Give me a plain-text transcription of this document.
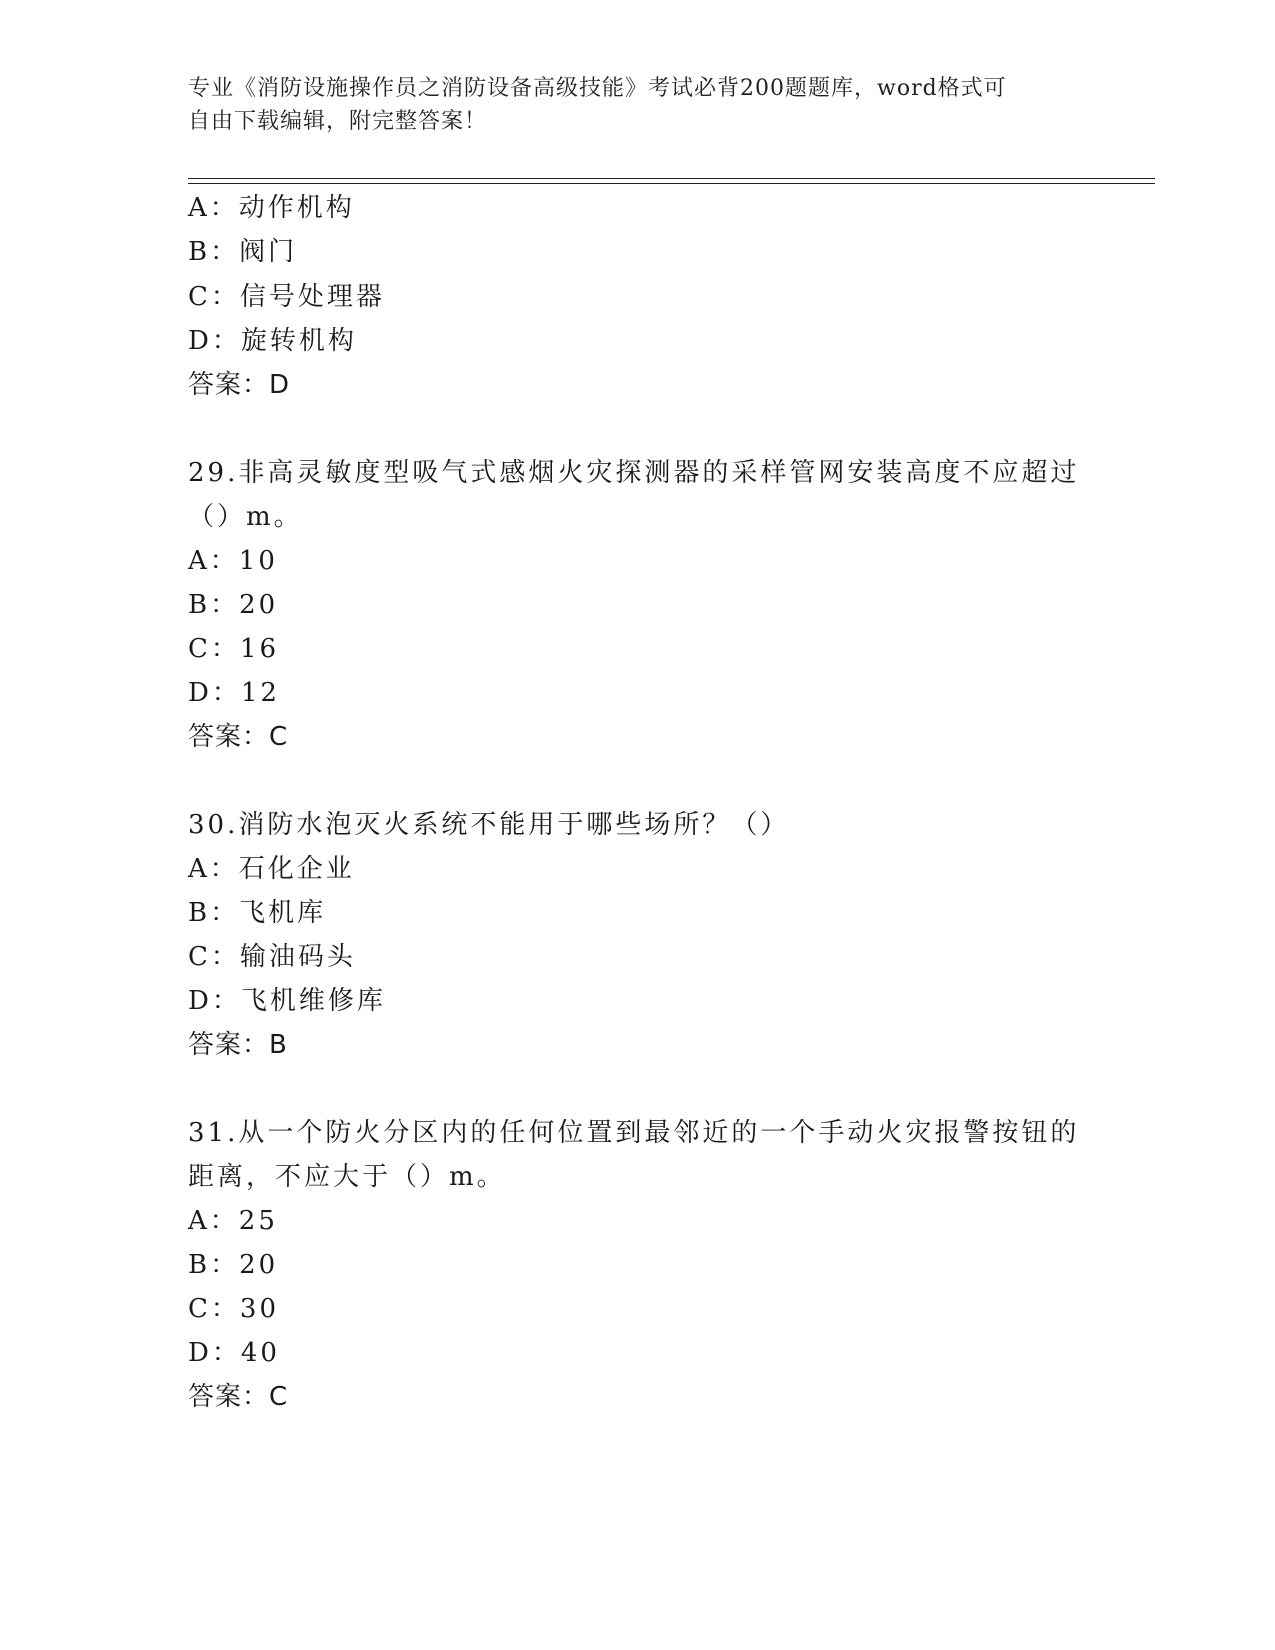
专业《消防设施操作员之消防设备高级技能》考试必背200题题库，word格式可
自由下载编辑，附完整答案！
A：动作机构
B：阀门
C：信号处理器
D：旋转机构
答案：D
29.非高灵敏度型吸气式感烟火灾探测器的采样管网安装高度不应超过
（）m。
A：10
B：20
C：16
D：12
答案：C
30.消防水泡灭火系统不能用于哪些场所？（）
A：石化企业
B：飞机库
C：输油码头
D：飞机维修库
答案：B
31.从一个防火分区内的任何位置到最邻近的一个手动火灾报警按钮的
距离，不应大于（）m。
A：25
B：20
C：30
D：40
答案：C
